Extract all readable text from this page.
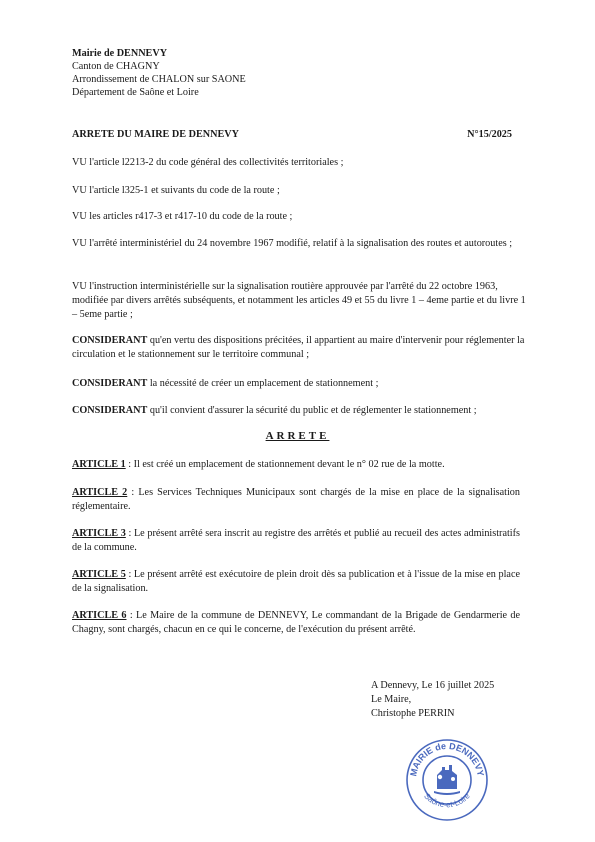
Mairie de DENNEVY
Canton de CHAGNY
Arrondissement de CHALON sur SAONE
Département de Saône et Loire
ARRETE DU MAIRE DE DENNEVY	N°15/2025
VU l'article l2213-2 du code général des collectivités territoriales ;
VU l'article l325-1 et suivants du code de la route ;
VU les articles r417-3 et r417-10 du code de la route ;
VU l'arrêté interministériel du 24 novembre 1967 modifié, relatif à la signalisation des routes et autoroutes ;
VU l'instruction interministérielle sur la signalisation routière approuvée par l'arrêté du 22 octobre 1963, modifiée par divers arrêtés subséquents, et notamment les articles 49 et 55 du livre 1 – 4eme partie et du livre 1 – 5eme partie ;
CONSIDERANT qu'en vertu des dispositions précitées, il appartient au maire d'intervenir pour réglementer la circulation et le stationnement sur le territoire communal ;
CONSIDERANT la nécessité de créer un emplacement de stationnement ;
CONSIDERANT qu'il convient d'assurer la sécurité du public et de réglementer le stationnement ;
ARRETE
ARTICLE 1 : Il est créé un emplacement de stationnement devant le n° 02 rue de la motte.
ARTICLE 2 : Les Services Techniques Municipaux sont chargés de la mise en place de la signalisation réglementaire.
ARTICLE 3 : Le présent arrêté sera inscrit au registre des arrêtés et publié au recueil des actes administratifs de la commune.
ARTICLE 5 : Le présent arrêté est exécutoire de plein droit dès sa publication et à l'issue de la mise en place de la signalisation.
ARTICLE 6 : Le Maire de la commune de DENNEVY, Le commandant de la Brigade de Gendarmerie de Chagny, sont chargés, chacun en ce qui le concerne, de l'exécution du présent arrêté.
A Dennevy, Le 16 juillet 2025
Le Maire,
Christophe PERRIN
MAIRIE de DENNEVY
Saône-et-Loire
